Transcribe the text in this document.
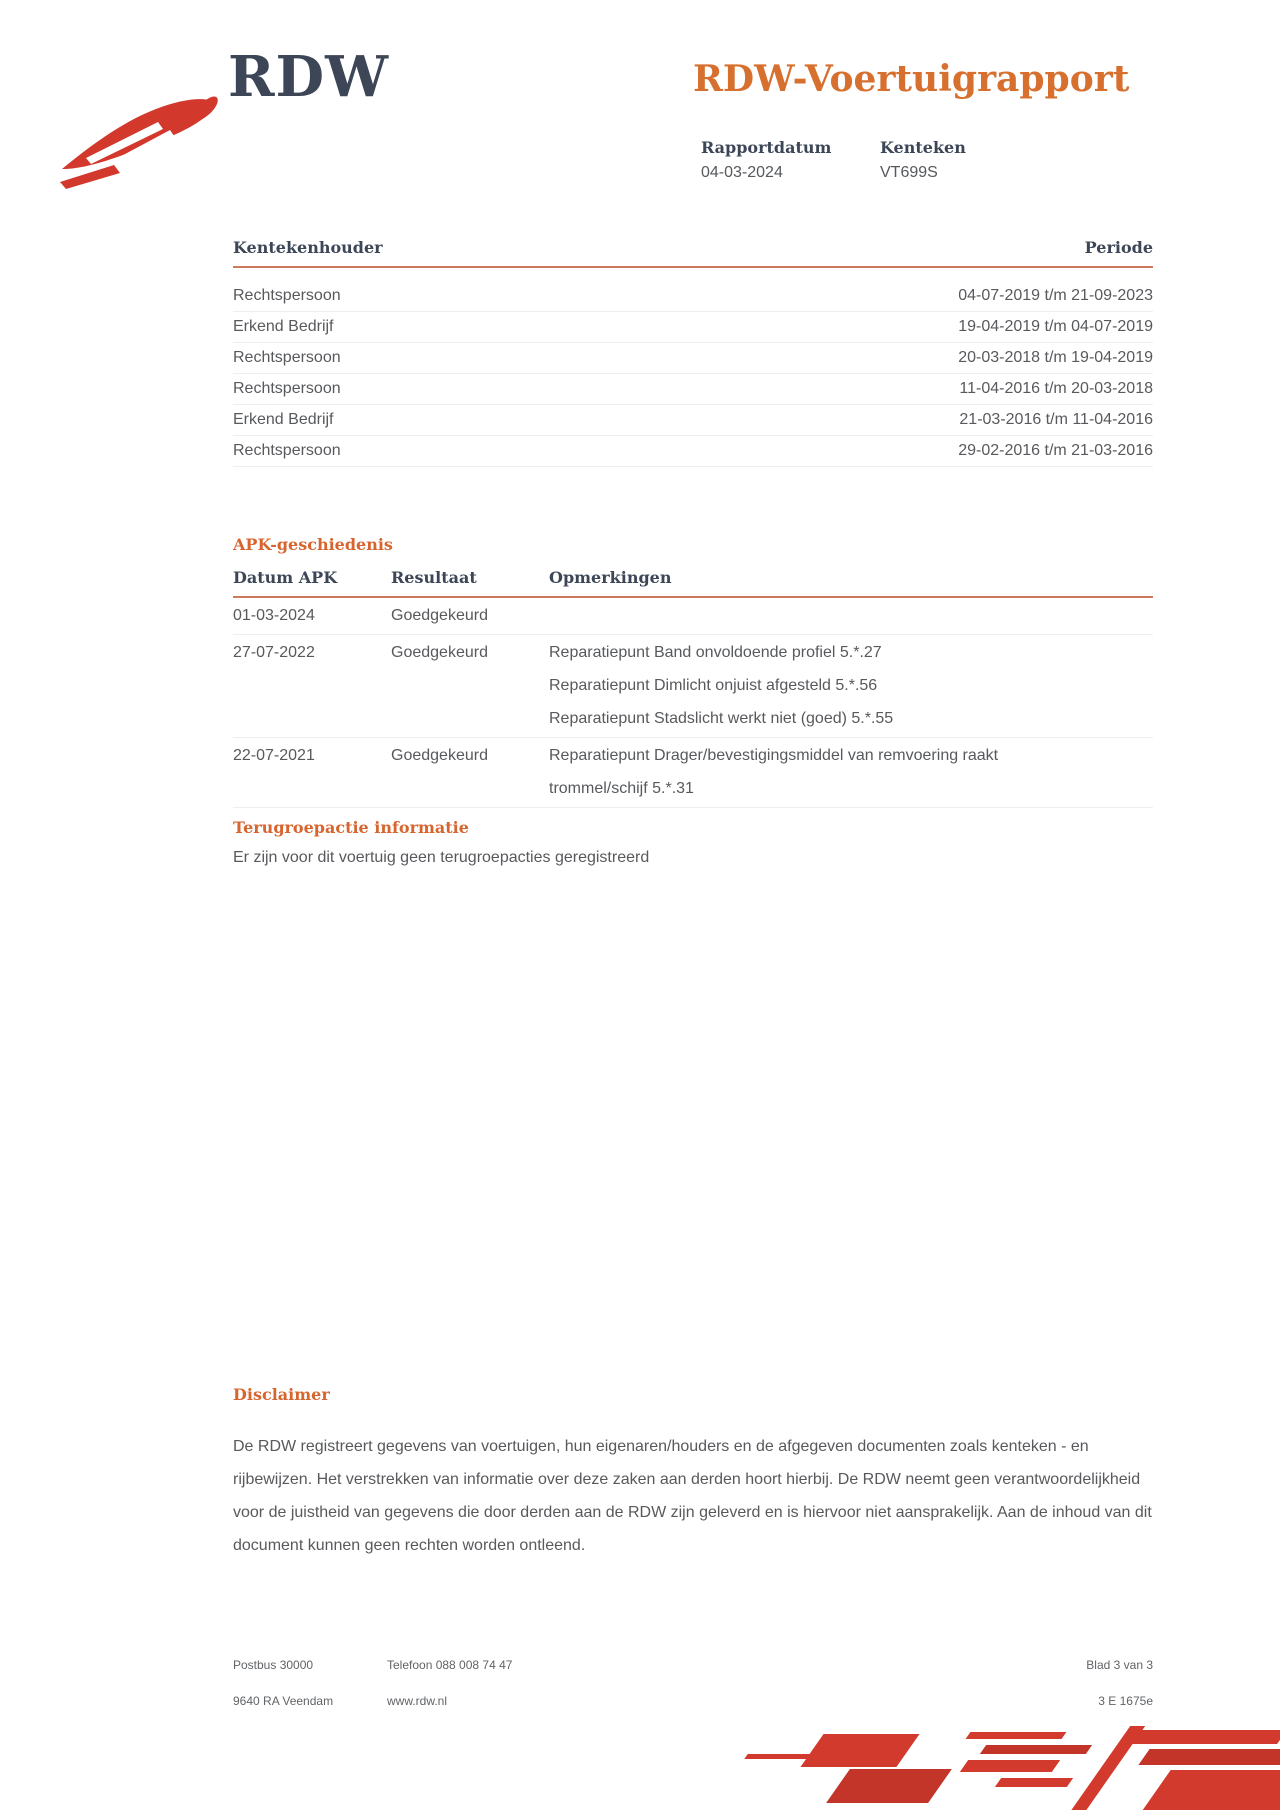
RDW	RDW-Voertuigrapport
Rapportdatum
04-03-2024
Kenteken
VT699S
Kentekenhouder	Periode
Rechtspersoon	04-07-2019 t/m 21-09-2023
Erkend Bedrijf	19-04-2019 t/m 04-07-2019
Rechtspersoon	20-03-2018 t/m 19-04-2019
Rechtspersoon	11-04-2016 t/m 20-03-2018
Erkend Bedrijf	21-03-2016 t/m 11-04-2016
Rechtspersoon	29-02-2016 t/m 21-03-2016
APK-geschiedenis
Datum APK	Resultaat	Opmerkingen
01-03-2024	Goedgekeurd
27-07-2022	Goedgekeurd	Reparatiepunt Band onvoldoende profiel 5.*.27
Reparatiepunt Dimlicht onjuist afgesteld 5.*.56
Reparatiepunt Stadslicht werkt niet (goed) 5.*.55
22-07-2021	Goedgekeurd	Reparatiepunt Drager/bevestigingsmiddel van remvoering raakt trommel/schijf 5.*.31
Terugroepactie informatie
Er zijn voor dit voertuig geen terugroepacties geregistreerd
Disclaimer
De RDW registreert gegevens van voertuigen, hun eigenaren/houders en de afgegeven documenten zoals kenteken - en rijbewijzen. Het verstrekken van informatie over deze zaken aan derden hoort hierbij. De RDW neemt geen verantwoordelijkheid voor de juistheid van gegevens die door derden aan de RDW zijn geleverd en is hiervoor niet aansprakelijk. Aan de inhoud van dit document kunnen geen rechten worden ontleend.
Postbus 30000	Telefoon 088 008 74 47	Blad 3 van 3
9640 RA Veendam	www.rdw.nl	3 E 1675e
